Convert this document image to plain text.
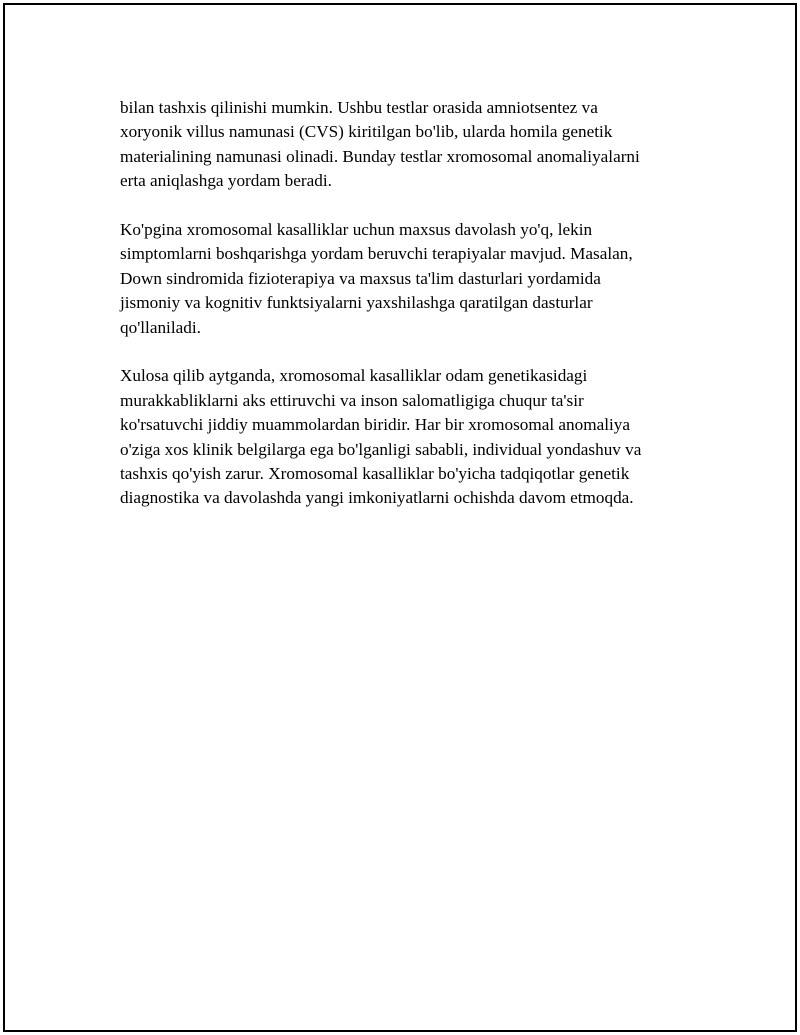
bilan tashxis qilinishi mumkin. Ushbu testlar orasida amniotsentez va
xoryonik villus namunasi (CVS) kiritilgan bo'lib, ularda homila genetik
materialining namunasi olinadi. Bunday testlar xromosomal anomaliyalarni
erta aniqlashga yordam beradi.

Ko'pgina xromosomal kasalliklar uchun maxsus davolash yo'q, lekin
simptomlarni boshqarishga yordam beruvchi terapiyalar mavjud. Masalan,
Down sindromida fizioterapiya va maxsus ta'lim dasturlari yordamida
jismoniy va kognitiv funktsiyalarni yaxshilashga qaratilgan dasturlar
qo'llaniladi.

Xulosa qilib aytganda, xromosomal kasalliklar odam genetikasidagi
murakkabliklarni aks ettiruvchi va inson salomatligiga chuqur ta'sir
ko'rsatuvchi jiddiy muammolardan biridir. Har bir xromosomal anomaliya
o'ziga xos klinik belgilarga ega bo'lganligi sababli, individual yondashuv va
tashxis qo'yish zarur. Xromosomal kasalliklar bo'yicha tadqiqotlar genetik
diagnostika va davolashda yangi imkoniyatlarni ochishda davom etmoqda.
